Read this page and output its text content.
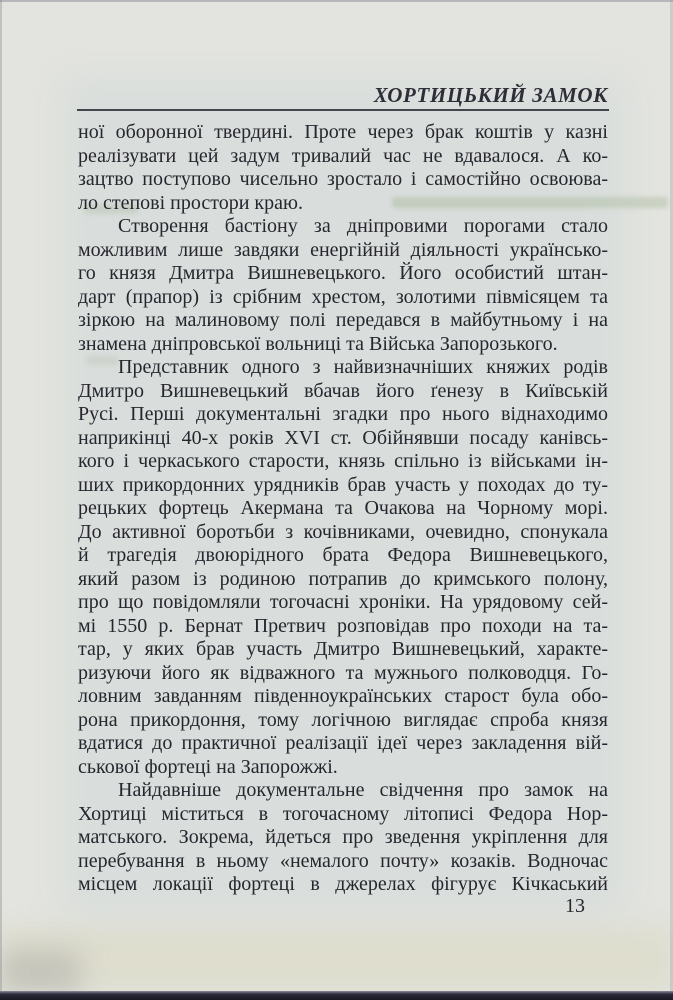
ХОРТИЦЬКИЙ ЗАМОК
ної оборонної твердині. Проте через брак коштів у казні
реалізувати цей задум тривалий час не вдавалося. А ко-
зацтво поступово чисельно зростало і самостійно освоюва-
ло степові простори краю.
Створення бастіону за дніпровими порогами стало
можливим лише завдяки енергійній діяльності українсько-
го князя Дмитра Вишневецького. Його особистий штан-
дарт (прапор) із срібним хрестом, золотими півмісяцем та
зіркою на малиновому полі передався в майбутньому і на
знамена дніпровської вольниці та Війська Запорозького.
Представник одного з найвизначніших княжих родів
Дмитро Вишневецький вбачав його ґенезу в Київській
Русі. Перші документальні згадки про нього віднаходимо
наприкінці 40-х років XVI ст. Обійнявши посаду канівсь-
кого і черкаського старости, князь спільно із військами ін-
ших прикордонних урядників брав участь у походах до ту-
рецьких фортець Акермана та Очакова на Чорному морі.
До активної боротьби з кочівниками, очевидно, спонукала
й трагедія двоюрідного брата Федора Вишневецького,
який разом із родиною потрапив до кримського полону,
про що повідомляли тогочасні хроніки. На урядовому сей-
мі 1550 р. Бернат Претвич розповідав про походи на та-
тар, у яких брав участь Дмитро Вишневецький, характе-
ризуючи його як відважного та мужнього полководця. Го-
ловним завданням південноукраїнських старост була обо-
рона прикордоння, тому логічною виглядає спроба князя
вдатися до практичної реалізації ідеї через закладення вій-
ськової фортеці на Запорожжі.
Найдавніше документальне свідчення про замок на
Хортиці міститься в тогочасному літописі Федора Нор-
матського. Зокрема, йдеться про зведення укріплення для
перебування в ньому «немалого почту» козаків. Водночас
місцем локації фортеці в джерелах фігурує Кічкаський
13
